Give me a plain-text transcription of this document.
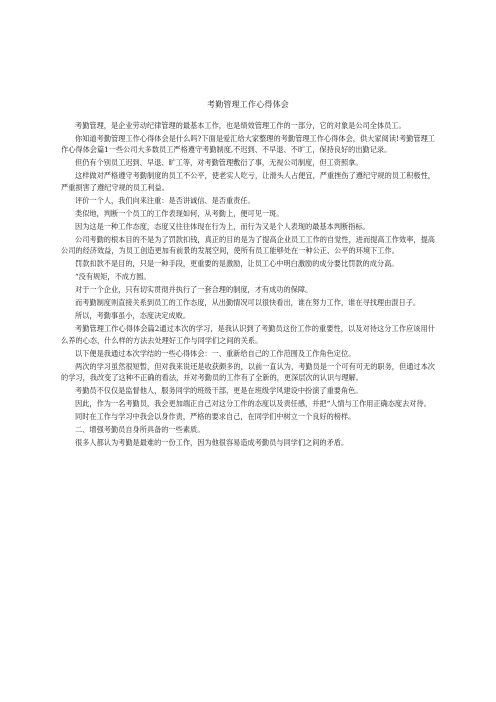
考勤管理工作心得体会

考勤管理，是企业劳动纪律管理的最基本工作，也是绩效管理工作的一部分，它的对象是公司全体员工。

你知道考勤管理工作心得体会是什么吗?下面是爱汇给大家整理的考勤管理工作心得体会，供大家阅读!考勤管理工作心得体会篇1一些公司大多数员工严格遵守考勤制度,不迟到、不早退、不旷工，保持良好的出勤记录。

但仍有个别员工迟到、早退、旷工等，对考勤管理敷衍了事，无视公司制度，但工资照拿。

这样做对严格遵守考勤制度的员工不公平，使老实人吃亏，让滑头人占便宜，严重挫伤了遵纪守规的员工积极性，严重损害了遵纪守规的员工利益。

评价一个人，我们向来注重：是否讲诚信、是否重责任。

类似地，判断一个员工的工作表现如何，从考勤上，便可见一斑。

因为这是一种工作态度，态度又往往体现在行为上，而行为又是个人表现的最基本判断指标。

公司考勤的根本目的不是为了罚款扣钱，真正的目的是为了提高企业员工工作的自觉性，进而提高工作效率，提高公司的经济效益，为员工创造更加有前景的发展空间，使所有员工能够处在一种公正、公平的环境下工作。

罚款扣款不是目的，只是一种手段，更重要的是激励，让员工心中明白激励的成分要比罚款的成分高。

“没有规矩，不成方圆。

对于一个企业，只有切实贯彻并执行了一套合理的制度，才有成功的保障。

而考勤制度则直接关系到员工的工作态度，从出勤情况可以很快看出，谁在努力工作，谁在寻找理由混日子。

所以，考勤事虽小，态度决定成败。

考勤管理工作心得体会篇2通过本次的学习，是我认识到了考勤员这份工作的重要性，以及对待这分工作应该用什么养的心态，什么样的方法去处理好工作与同学们之间的关系。

以下便是我通过本次学结的一些心得体会：一、重新给自己的工作范围及工作角色定位。

两次的学习虽然很短暂，但对我来说还是收获颇多的，以前一直认为，考勤员是一个可有可无的职务，但通过本次的学习，我改变了这种不正确的看法，并对考勤员的工作有了全新的，更深层次的认识与理解。

考勤员不仅仅是监督他人，服务同学的班级干部，更是在班级学风建设中扮演了重要角色。

因此，作为一名考勤员，我会更加端正自己对这分工作的态度以及责任感，并把“人情与工作用正确态度去对待。

同时在工作与学习中我会以身作责，严格的要求自己，在同学们中树立一个良好的榜样。

二、增强考勤员自身所具备的一些素质。

很多人都认为考勤是最难的一份工作，因为他很容易造成考勤员与同学们之间的矛盾。
